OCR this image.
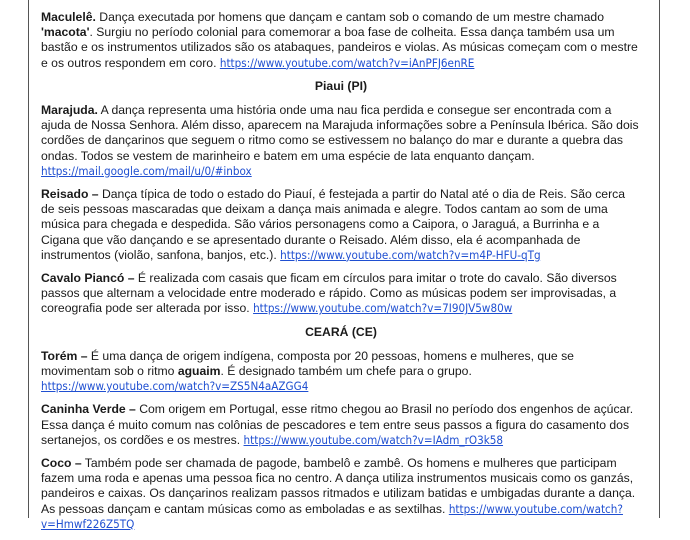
Maculelê. Dança executada por homens que dançam e cantam sob o comando de um mestre chamado 'macota'. Surgiu no período colonial para comemorar a boa fase de colheita. Essa dança também usa um bastão e os instrumentos utilizados são os atabaques, pandeiros e violas. As músicas começam com o mestre e os outros respondem em coro. https://www.youtube.com/watch?v=iAnPFJ6enRE

Piaui (PI)

Marajuda. A dança representa uma história onde uma nau fica perdida e consegue ser encontrada com a ajuda de Nossa Senhora. Além disso, aparecem na Marajuda informações sobre a Península Ibérica. São dois cordões de dançarinos que seguem o ritmo como se estivessem no balanço do mar e durante a quebra das ondas. Todos se vestem de marinheiro e batem em uma espécie de lata enquanto dançam. https://mail.google.com/mail/u/0/#inbox

Reisado – Dança típica de todo o estado do Piauí, é festejada a partir do Natal até o dia de Reis. São cerca de seis pessoas mascaradas que deixam a dança mais animada e alegre. Todos cantam ao som de uma música para chegada e despedida. São vários personagens como a Caipora, o Jaraguá, a Burrinha e a Cigana que vão dançando e se apresentado durante o Reisado. Além disso, ela é acompanhada de instrumentos (violão, sanfona, banjos, etc.). https://www.youtube.com/watch?v=m4P-HFU-qTg

Cavalo Piancó – É realizada com casais que ficam em círculos para imitar o trote do cavalo. São diversos passos que alternam a velocidade entre moderado e rápido. Como as músicas podem ser improvisadas, a coreografia pode ser alterada por isso. https://www.youtube.com/watch?v=7I90JV5w80w

CEARÁ (CE)

Torém – É uma dança de origem indígena, composta por 20 pessoas, homens e mulheres, que se movimentam sob o ritmo aguaim. É designado também um chefe para o grupo. https://www.youtube.com/watch?v=ZS5N4aAZGG4

Caninha Verde – Com origem em Portugal, esse ritmo chegou ao Brasil no período dos engenhos de açúcar. Essa dança é muito comum nas colônias de pescadores e tem entre seus passos a figura do casamento dos sertanejos, os cordões e os mestres. https://www.youtube.com/watch?v=IAdm_rO3k58

Coco – Também pode ser chamada de pagode, bambelô e zambê. Os homens e mulheres que participam fazem uma roda e apenas uma pessoa fica no centro. A dança utiliza instrumentos musicais como os ganzás, pandeiros e caixas. Os dançarinos realizam passos ritmados e utilizam batidas e umbigadas durante a dança. As pessoas dançam e cantam músicas como as emboladas e as sextilhas. https://www.youtube.com/watch?v=Hmwf226Z5TQ
